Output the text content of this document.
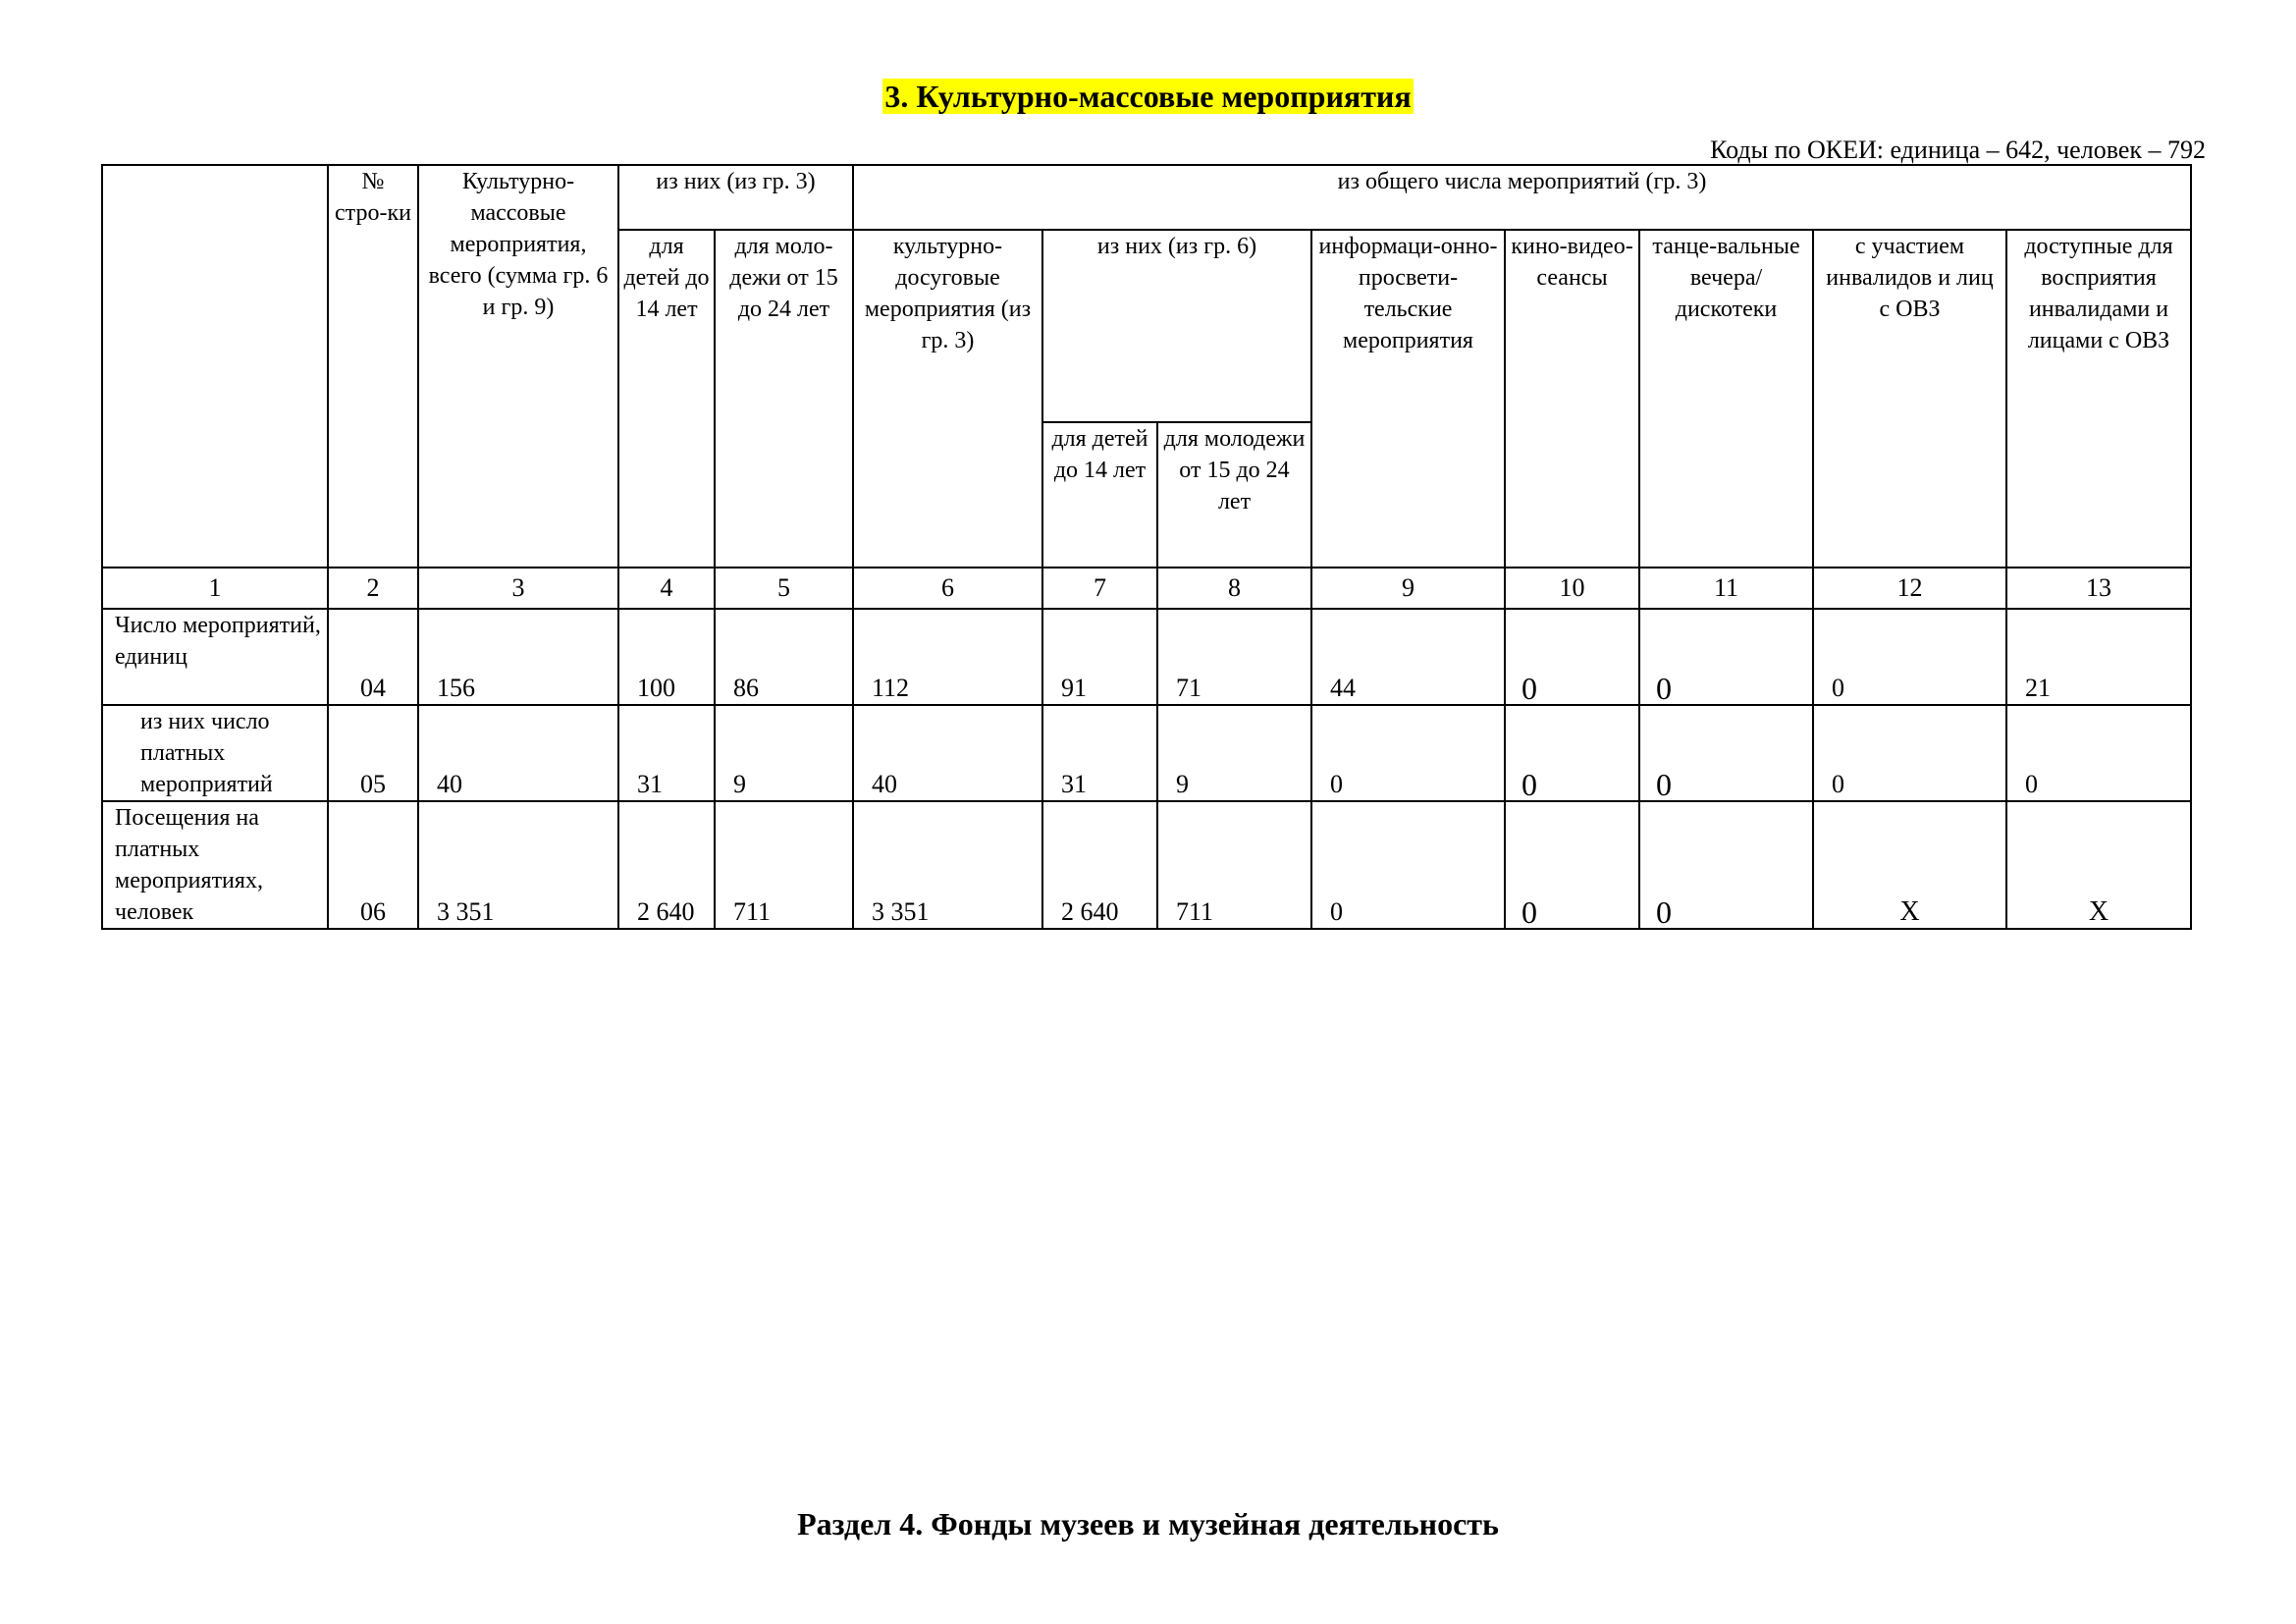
3. Культурно-массовые мероприятия
Коды по ОКЕИ: единица – 642, человек – 792
	№ стро-ки	Культурно-массовые мероприятия, всего (сумма гр. 6 и гр. 9)	из них (из гр. 3)		из общего числа мероприятий (гр. 3)							
			для детей до 14 лет	для моло-дежи от 15 до 24 лет	культурно-досуговые мероприятия (из гр. 3)	из них (из гр. 6)		информаци-онно-просвети-тельские мероприятия	кино-видео-сеансы	танце-вальные вечера/ дискотеки	с участием инвалидов и лиц с ОВЗ	доступные для восприятия инвалидами и лицами с ОВЗ
						для детей до 14 лет	для молодежи от 15 до 24 лет					
1	2	3	4	5	6	7	8	9	10	11	12	13
Число мероприятий, единиц	04	156	100	86	112	91	71	44	0	0	0	21
из них число платных мероприятий	05	40	31	9	40	31	9	0	0	0	0	0
Посещения на платных мероприятиях, человек	06	3 351	2 640	711	3 351	2 640	711	0	0	0	X	X
Раздел 4. Фонды музеев и музейная деятельность
